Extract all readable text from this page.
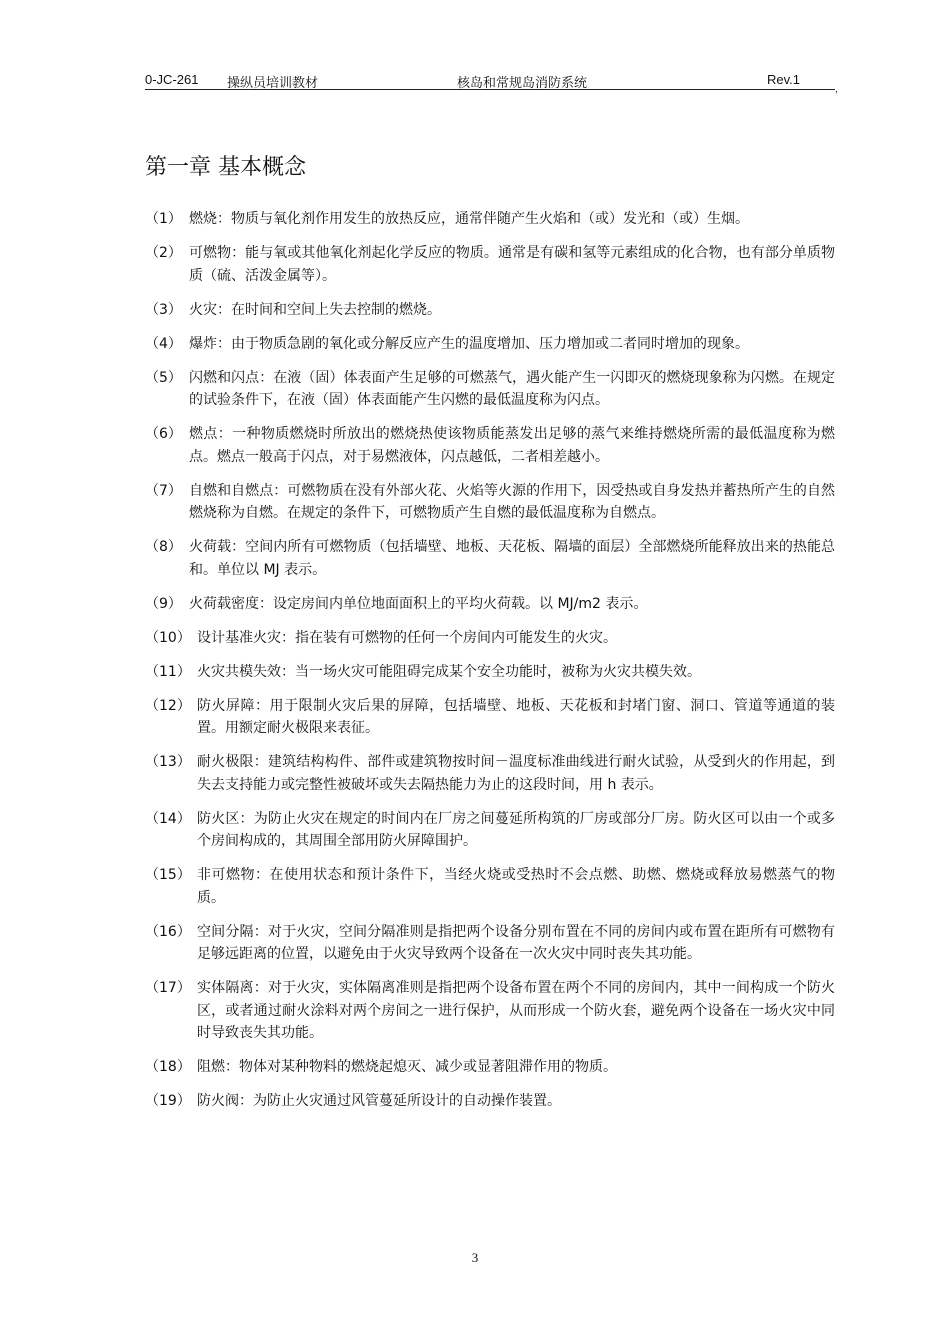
0-JC-261 操纵员培训教材	核岛和常规岛消防系统	Rev.1
,
第一章 基本概念
（1） 燃烧：物质与氧化剂作用发生的放热反应，通常伴随产生火焰和（或）发光和（或）生烟。
（2） 可燃物：能与氧或其他氧化剂起化学反应的物质。通常是有碳和氢等元素组成的化合物，也有部分单质物质（硫、活泼金属等）。
（3） 火灾：在时间和空间上失去控制的燃烧。
（4） 爆炸：由于物质急剧的氧化或分解反应产生的温度增加、压力增加或二者同时增加的现象。
（5） 闪燃和闪点：在液（固）体表面产生足够的可燃蒸气，遇火能产生一闪即灭的燃烧现象称为闪燃。在规定的试验条件下，在液（固）体表面能产生闪燃的最低温度称为闪点。
（6） 燃点：一种物质燃烧时所放出的燃烧热使该物质能蒸发出足够的蒸气来维持燃烧所需的最低温度称为燃点。燃点一般高于闪点，对于易燃液体，闪点越低，二者相差越小。
（7） 自燃和自燃点：可燃物质在没有外部火花、火焰等火源的作用下，因受热或自身发热并蓄热所产生的自然燃烧称为自燃。在规定的条件下，可燃物质产生自燃的最低温度称为自燃点。
（8） 火荷载：空间内所有可燃物质（包括墙壁、地板、天花板、隔墙的面层）全部燃烧所能释放出来的热能总和。单位以 MJ 表示。
（9） 火荷载密度：设定房间内单位地面面积上的平均火荷载。以 MJ/m2 表示。
（10） 设计基准火灾：指在装有可燃物的任何一个房间内可能发生的火灾。
（11） 火灾共模失效：当一场火灾可能阻碍完成某个安全功能时，被称为火灾共模失效。
（12） 防火屏障：用于限制火灾后果的屏障，包括墙壁、地板、天花板和封堵门窗、洞口、管道等通道的装置。用额定耐火极限来表征。
（13） 耐火极限：建筑结构构件、部件或建筑物按时间－温度标准曲线进行耐火试验，从受到火的作用起，到失去支持能力或完整性被破坏或失去隔热能力为止的这段时间，用 h 表示。
（14） 防火区：为防止火灾在规定的时间内在厂房之间蔓延所构筑的厂房或部分厂房。防火区可以由一个或多个房间构成的，其周围全部用防火屏障围护。
（15） 非可燃物：在使用状态和预计条件下，当经火烧或受热时不会点燃、助燃、燃烧或释放易燃蒸气的物质。
（16） 空间分隔：对于火灾，空间分隔准则是指把两个设备分别布置在不同的房间内或布置在距所有可燃物有足够远距离的位置，以避免由于火灾导致两个设备在一次火灾中同时丧失其功能。
（17） 实体隔离：对于火灾，实体隔离准则是指把两个设备布置在两个不同的房间内，其中一间构成一个防火区，或者通过耐火涂料对两个房间之一进行保护，从而形成一个防火套，避免两个设备在一场火灾中同时导致丧失其功能。
（18） 阻燃：物体对某种物料的燃烧起熄灭、减少或显著阻滞作用的物质。
（19） 防火阀：为防止火灾通过风管蔓延所设计的自动操作装置。
3
